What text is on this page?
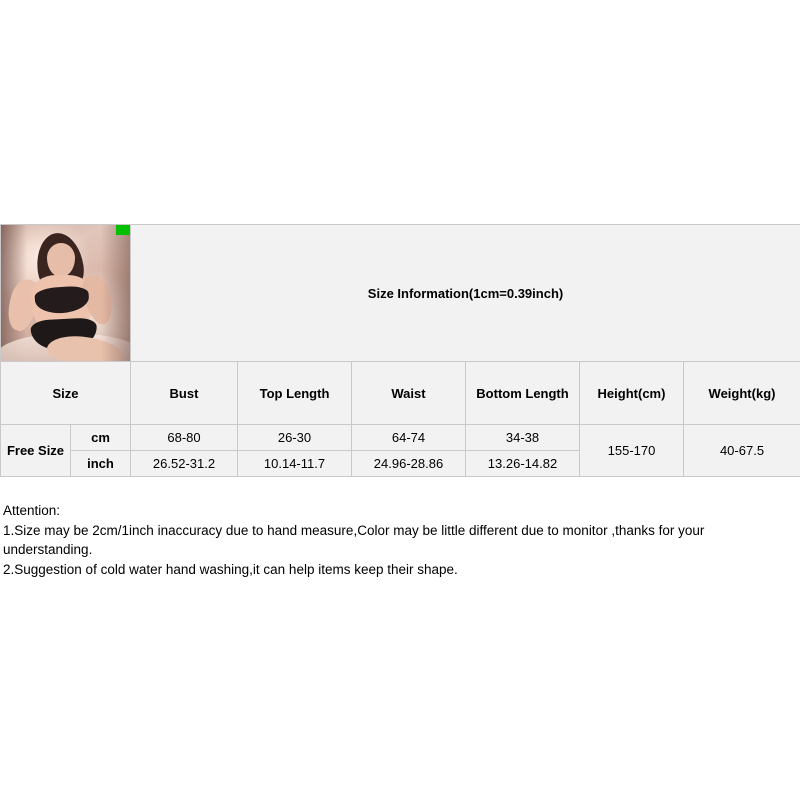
		Size Information(1cm=0.39inch)					
Size		Bust	Top Length	Waist	Bottom Length	Height(cm)	Weight(kg)
Free Size	cm	68-80	26-30	64-74	34-38	155-170	40-67.5
	inch	26.52-31.2	10.14-11.7	24.96-28.86	13.26-14.82		
Attention:
1.Size may be 2cm/1inch inaccuracy due to hand measure,Color may be little different due to monitor ,thanks for your understanding.
2.Suggestion of cold water hand washing,it can help items keep their shape.
